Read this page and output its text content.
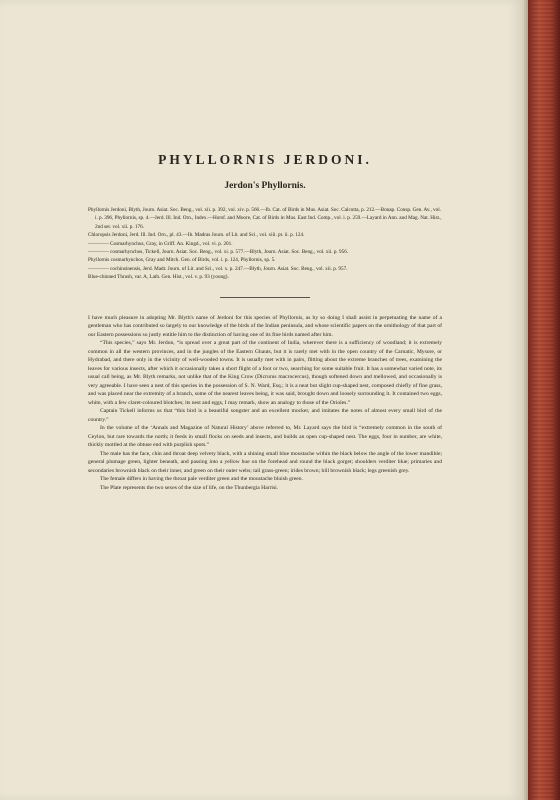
PHYLLORNIS JERDONI.
Jerdon's Phyllornis.

Phyllornis Jerdoni, Blyth, Journ. Asiat. Soc. Beng., vol. xii. p. 392, vol. xiv. p. 566.—Ib. Cat. of Birds in Mus. Asiat. Soc. Calcutta, p. 212.—Bonap. Consp. Gen. Av., vol. i. p. 396, Phyllornis, sp. 4.—Jerd. Ill. Ind. Orn., Index.—Horsf. and Moore, Cat. of Birds in Mus. East Ind. Comp., vol. i. p. 259.—Layard in Ann. and Mag. Nat. Hist., 2nd ser. vol. xii. p. 176.

Chloropsis Jerdoni, Jerd. Ill. Ind. Orn., pl. 43.—Ib. Madras Journ. of Lit. and Sci., vol. xiii. pt. ii. p. 124.

———— Cosmarhynchus, Gray, in Griff. An. Kingd., vol. vi. p. 201.

———— cosmarhynchos, Tickell, Journ. Asiat. Soc. Beng., vol. xi. p. 577.—Blyth, Journ. Asiat. Soc. Beng., vol. xii. p. 956.

Phyllornis cosmarhynchos, Gray and Mitch. Gen. of Birds, vol. i. p. 124, Phyllornis, sp. 5.

———— cochinsinensis, Jerd. Madr. Journ. of Lit. and Sci., vol. x. p. 247.—Blyth, Journ. Asiat. Soc. Beng., vol. xii. p. 957.

Blue-chinned Thrush, var. A, Lath. Gen. Hist., vol. v. p. 93 (young).

I have much pleasure in adopting Mr. Blyth's name of Jerdoni for this species of Phyllornis, as by so doing I shall assist in perpetuating the name of a gentleman who has contributed so largely to our knowledge of the birds of the Indian peninsula, and whose scientific papers on the ornithology of that part of our Eastern possessions so justly entitle him to the distinction of having one of its fine birds named after him.

“This species,” says Mr. Jerdon, “is spread over a great part of the continent of India, wherever there is a sufficiency of woodland; it is extremely common in all the western provinces, and in the jungles of the Eastern Ghauts, but it is rarely met with in the open country of the Carnatic, Mysore, or Hydrabad, and there only in the vicinity of well-wooded towns. It is usually met with in pairs, flitting about the extreme branches of trees, examining the leaves for various insects, after which it occasionally takes a short flight of a foot or two, searching for some suitable fruit. It has a somewhat varied note, its usual call being, as Mr. Blyth remarks, not unlike that of the King Crow (Dicrurus macrocercus), though softened down and mellowed, and occasionally is very agreeable. I have seen a nest of this species in the possession of S. N. Ward, Esq.; it is a neat but slight cup-shaped nest, composed chiefly of fine grass, and was placed near the extremity of a branch, some of the nearest leaves being, it was said, brought down and loosely surrounding it. It contained two eggs, white, with a few claret-coloured blotches; its nest and eggs, I may remark, show an analogy to those of the Orioles.”

Captain Tickell informs us that “this bird is a beautiful songster and an excellent mocker, and imitates the notes of almost every small bird of the country.”

In the volume of the ‘Annals and Magazine of Natural History’ above referred to, Mr. Layard says the bird is “extremely common in the south of Ceylon, but rare towards the north; it feeds in small flocks on seeds and insects, and builds an open cup-shaped nest. The eggs, four in number, are white, thickly mottled at the obtuse end with purplish spots.”

The male has the face, chin and throat deep velvety black, with a shining small blue moustache within the black below the angle of the lower mandible; general plumage green, lighter beneath, and passing into a yellow hue on the forehead and round the black gorget; shoulders verditer blue; primaries and secondaries brownish black on their inner, and green on their outer webs; tail grass-green; irides brown; bill brownish black; legs greenish grey.

The female differs in having the throat pale verditer green and the moustache bluish green.

The Plate represents the two sexes of the size of life, on the Thunbergia Harrisi.
